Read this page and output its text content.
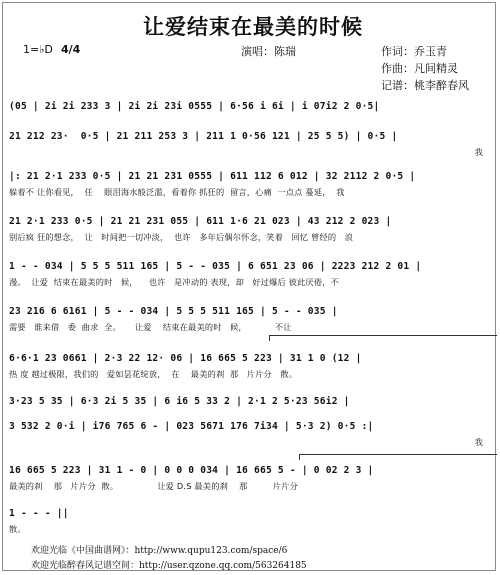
让爱结束在最美的时候
1=♭D 4/4	演唱：陈瑞	作词：乔玉青
作曲：凡间精灵
记谱：桃李醉春风
(05 | 2i 2i 233 3 | 2i 2i 23i 0555 | 6·56 i 6i | i 07i2 2 0·5|
21 212 23·  0·5 | 21 211 253 3 | 211 1 0·56 121 | 25 5 5) | 0·5 |
我
|: 21 2·1 233 0·5 | 21 21 231 0555 | 611 112 6 012 | 32 2112 2 0·5 |
躲着不 让你看见，  任    眼泪海水般泛滥，看着你 抓狂的  留言，心痛  一点点 蔓延，  我
21 2·1 233 0·5 | 21 21 231 055 | 611 1·6 21 023 | 43 212 2 023 |
别后疯 狂的想念，  让   时间把一切冲淡，  也许   多年后偶尔怀念，笑着   回忆 曾经的   浪
1 - - 034 | 5 5 5 511 165 | 5 - - 035 | 6 651 23 06 | 2223 212 2 01 |
漫。  让爱  结束在最美的时   候，    也许   是冲动的 表现，却   好过爆后 彼此厌倦，不
23 216 6 6161 | 5 - - 034 | 5 5 5 511 165 | 5 - - 035 |
需要   谁来借   委  曲求  全。     让爱    结束在最美的时   候，          不让
6·6·1 23 0661 | 2·3 22 12· 06 | 16 665 5 223 | 31 1 0 (12 |
热 度 越过极限，我们的   爱如昙花绽放，  在    最美的刹  那   片片分   散。
3·23 5 35 | 6·3 2i 5 35 | 6 i6 5 33 2 | 2·1 2 5·23 56i2 |
3 532 2 0·i | i76 765 6 - | 023 5671 176 7i34 | 5·3 2) 0·5 :|
我
16 665 5 223 | 31 1 - 0 | 0 0 0 034 | 16 665 5 - | 0 02 2 3 |
最美的刹    那   片片分  散。              让爱 D.S 最美的刹    那         片片分
1 - - - ||
散。
欢迎光临《中国曲谱网》：http://www.qupu123.com/space/6
欢迎光临醉春风记谱空间：http://user.qzone.qq.com/563264185
